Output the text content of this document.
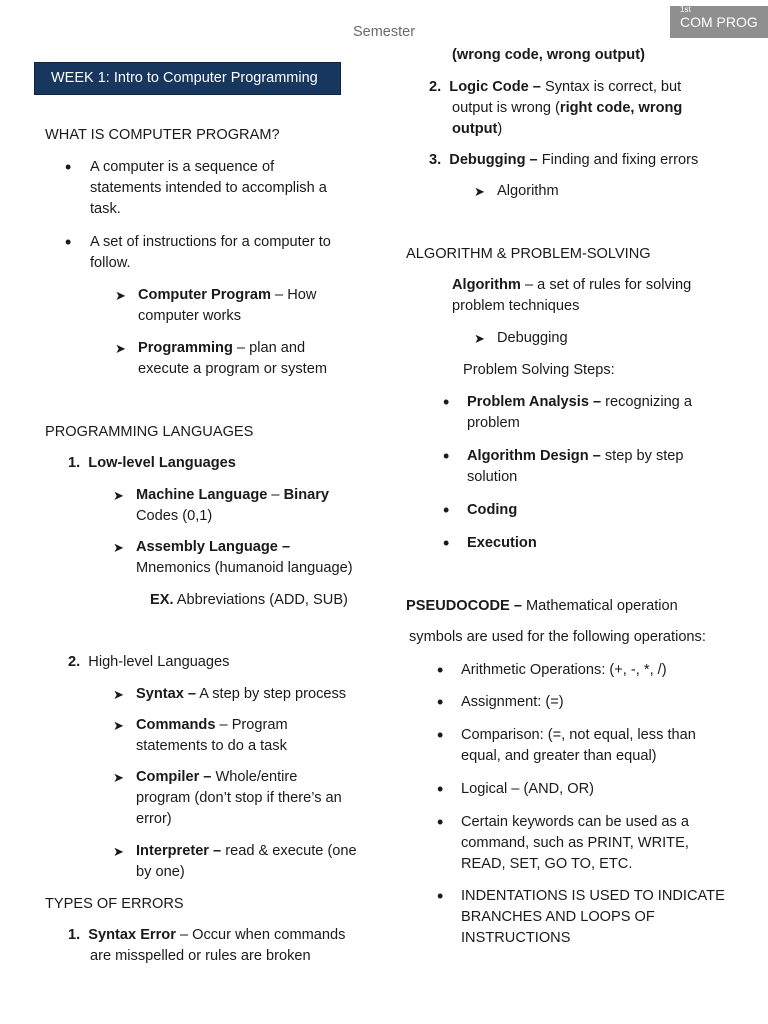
Semester
1st
COM PROG
WEEK 1: Intro to Computer Programming
WHAT IS COMPUTER PROGRAM?
• A computer is a sequence of
statements intended to accomplish a
task.
• A set of instructions for a computer to
follow.
➤ Computer Program – How
computer works
➤ Programming – plan and
execute a program or system
PROGRAMMING LANGUAGES
1. Low-level Languages
➤ Machine Language – Binary
Codes (0,1)
➤ Assembly Language –
Mnemonics (humanoid language)
EX. Abbreviations (ADD, SUB)
2. High-level Languages
➤ Syntax – A step by step process
➤ Commands – Program
statements to do a task
➤ Compiler – Whole/entire
program (don’t stop if there’s an
error)
➤ Interpreter – read & execute (one
by one)
TYPES OF ERRORS
1. Syntax Error – Occur when commands
are misspelled or rules are broken
(wrong code, wrong output)
2. Logic Code – Syntax is correct, but
output is wrong (right code, wrong
output)
3. Debugging – Finding and fixing errors
➤ Algorithm
ALGORITHM & PROBLEM-SOLVING
Algorithm – a set of rules for solving
problem techniques
➤ Debugging
Problem Solving Steps:
• Problem Analysis – recognizing a
problem
• Algorithm Design – step by step
solution
• Coding
• Execution
PSEUDOCODE – Mathematical operation
symbols are used for the following operations:
• Arithmetic Operations: (+, -, *, /)
• Assignment: (=)
• Comparison: (=, not equal, less than
equal, and greater than equal)
• Logical – (AND, OR)
• Certain keywords can be used as a
command, such as PRINT, WRITE,
READ, SET, GO TO, ETC.
• INDENTATIONS IS USED TO INDICATE
BRANCHES AND LOOPS OF
INSTRUCTIONS
